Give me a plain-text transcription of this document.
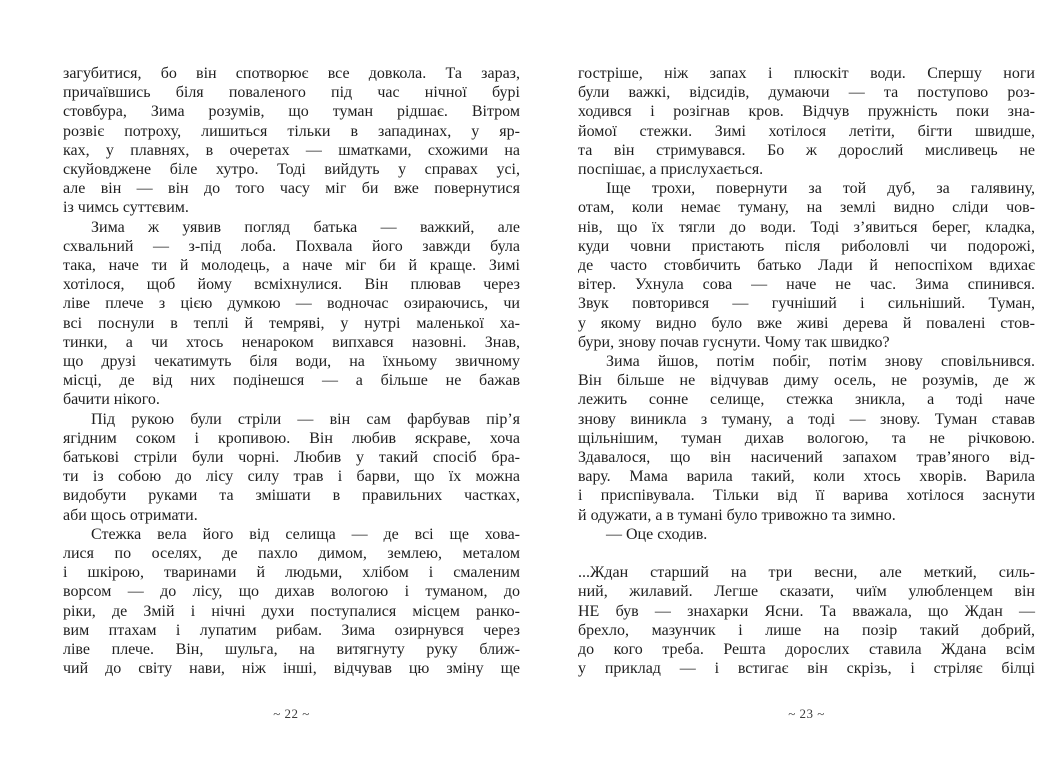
загубитися, бо він спотворює все довкола. Та зараз,
причаївшись біля поваленого під час нічної бурі
стовбура, Зима розумів, що туман рідшає. Вітром
розвіє потроху, лишиться тільки в западинах, у яр-
ках, у плавнях, в очеретах — шматками, схожими на
скуйовджене біле хутро. Тоді вийдуть у справах усі,
але він — він до того часу міг би вже повернутися
із чимсь суттєвим.
Зима ж уявив погляд батька — важкий, але
схвальний — з-під лоба. Похвала його завжди була
така, наче ти й молодець, а наче міг би й краще. Зимі
хотілося, щоб йому всміхнулися. Він плював через
ліве плече з цією думкою — водночас озираючись, чи
всі поснули в теплі й темряві, у нутрі маленької ха-
тинки, а чи хтось ненароком випхався назовні. Знав,
що друзі чекатимуть біля води, на їхньому звичному
місці, де від них подінешся — а більше не бажав
бачити нікого.
Під рукою були стріли — він сам фарбував пір’я
ягідним соком і кропивою. Він любив яскраве, хоча
батькові стріли були чорні. Любив у такий спосіб бра-
ти із собою до лісу силу трав і барви, що їх можна
видобути руками та змішати в правильних частках,
аби щось отримати.
Стежка вела його від селища — де всі ще хова-
лися по оселях, де пахло димом, землею, металом
і шкірою, тваринами й людьми, хлібом і смаленим
ворсом — до лісу, що дихав вологою і туманом, до
ріки, де Змій і нічні духи поступалися місцем ранко-
вим птахам і лупатим рибам. Зима озирнувся через
ліве плече. Він, шульга, на витягнуту руку ближ-
чий до світу нави, ніж інші, відчував цю зміну ще
~ 22 ~
гостріше, ніж запах і плюскіт води. Спершу ноги
були важкі, відсидів, думаючи — та поступово роз-
ходився і розігнав кров. Відчув пружність поки зна-
йомої стежки. Зимі хотілося летіти, бігти швидше,
та він стримувався. Бо ж дорослий мисливець не
поспішає, а прислухається.
Іще трохи, повернути за той дуб, за галявину,
отам, коли немає туману, на землі видно сліди чов-
нів, що їх тягли до води. Тоді з’явиться берег, кладка,
куди човни пристають після риболовлі чи подорожі,
де часто стовбичить батько Лади й непоспіхом вдихає
вітер. Ухнула сова — наче не час. Зима спинився.
Звук повторився — гучніший і сильніший. Туман,
у якому видно було вже живі дерева й повалені стов-
бури, знову почав гуснути. Чому так швидко?
Зима йшов, потім побіг, потім знову сповільнився.
Він більше не відчував диму осель, не розумів, де ж
лежить сонне селище, стежка зникла, а тоді наче
знову виникла з туману, а тоді — знову. Туман ставав
щільнішим, туман дихав вологою, та не річковою.
Здавалося, що він насичений запахом трав’яного від-
вару. Мама варила такий, коли хтось хворів. Варила
і приспівувала. Тільки від її варива хотілося заснути
й одужати, а в тумані було тривожно та зимно.
— Оце сходив.
...Ждан старший на три весни, але меткий, силь-
ний, жилавий. Легше сказати, чиїм улюбленцем він
НЕ був — знахарки Ясни. Та вважала, що Ждан —
брехло, мазунчик і лише на позір такий добрий,
до кого треба. Решта дорослих ставила Ждана всім
у приклад — і встигає він скрізь, і стріляє білці
~ 23 ~
